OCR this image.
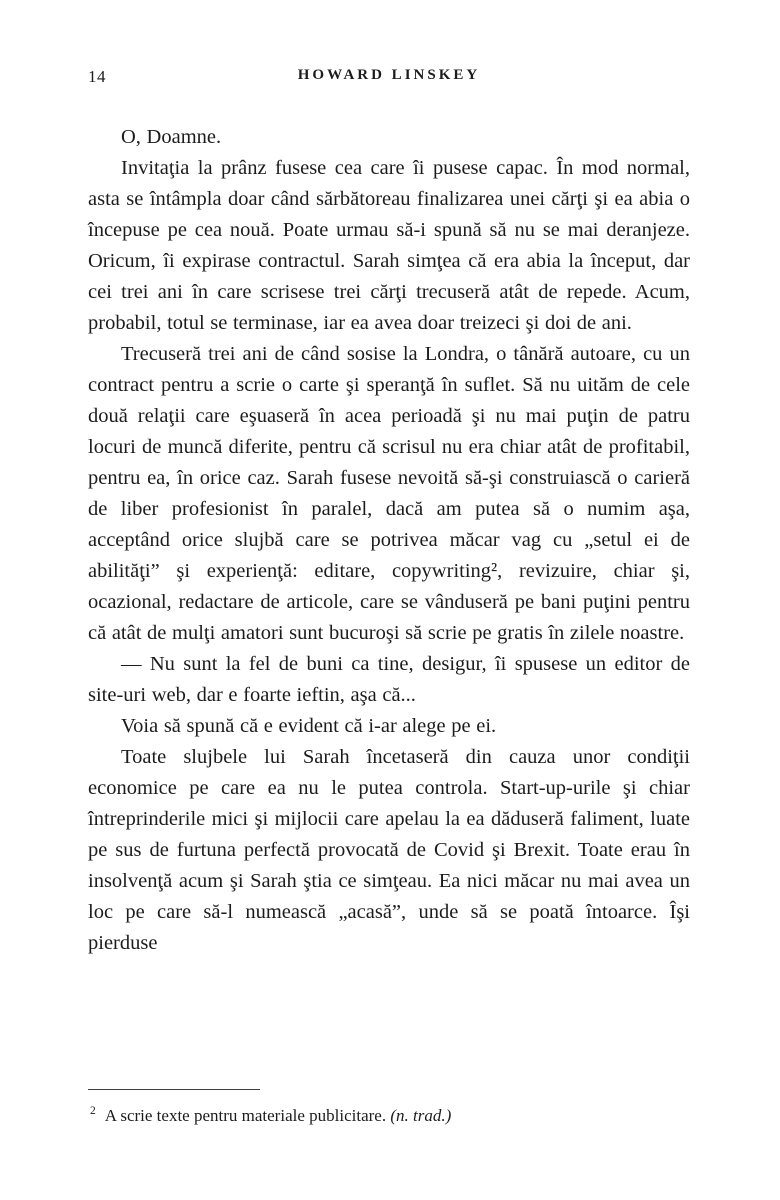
14	HOWARD LINSKEY

O, Doamne.

Invitaţia la prânz fusese cea care îi pusese capac. În mod normal, asta se întâmpla doar când sărbătoreau finalizarea unei cărţi şi ea abia o începuse pe cea nouă. Poate urmau să-i spună să nu se mai deranjeze. Oricum, îi expirase contractul. Sarah simţea că era abia la început, dar cei trei ani în care scrisese trei cărţi trecuseră atât de repede. Acum, probabil, totul se terminase, iar ea avea doar treizeci şi doi de ani.

Trecuseră trei ani de când sosise la Londra, o tânără autoare, cu un contract pentru a scrie o carte şi speranţă în suflet. Să nu uităm de cele două relaţii care eşuaseră în acea perioadă şi nu mai puţin de patru locuri de muncă diferite, pentru că scrisul nu era chiar atât de profitabil, pentru ea, în orice caz. Sarah fusese nevoită să-şi construiască o carieră de liber profesionist în paralel, dacă am putea să o numim aşa, acceptând orice slujbă care se potrivea măcar vag cu „setul ei de abilităţi” şi experienţă: editare, copywriting², revizuire, chiar şi, ocazional, redactare de articole, care se vânduseră pe bani puţini pentru că atât de mulţi amatori sunt bucuroşi să scrie pe gratis în zilele noastre.

— Nu sunt la fel de buni ca tine, desigur, îi spusese un editor de site-uri web, dar e foarte ieftin, aşa că...

Voia să spună că e evident că i-ar alege pe ei.

Toate slujbele lui Sarah încetaseră din cauza unor condiţii economice pe care ea nu le putea controla. Start-up-urile şi chiar întreprinderile mici şi mijlocii care apelau la ea dăduseră faliment, luate pe sus de furtuna perfectă provocată de Covid şi Brexit. Toate erau în insolvenţă acum şi Sarah ştia ce simţeau. Ea nici măcar nu mai avea un loc pe care să-l numească „acasă”, unde să se poată întoarce. Îşi pierduse

$^2$ A scrie texte pentru materiale publicitare. (n. trad.)
